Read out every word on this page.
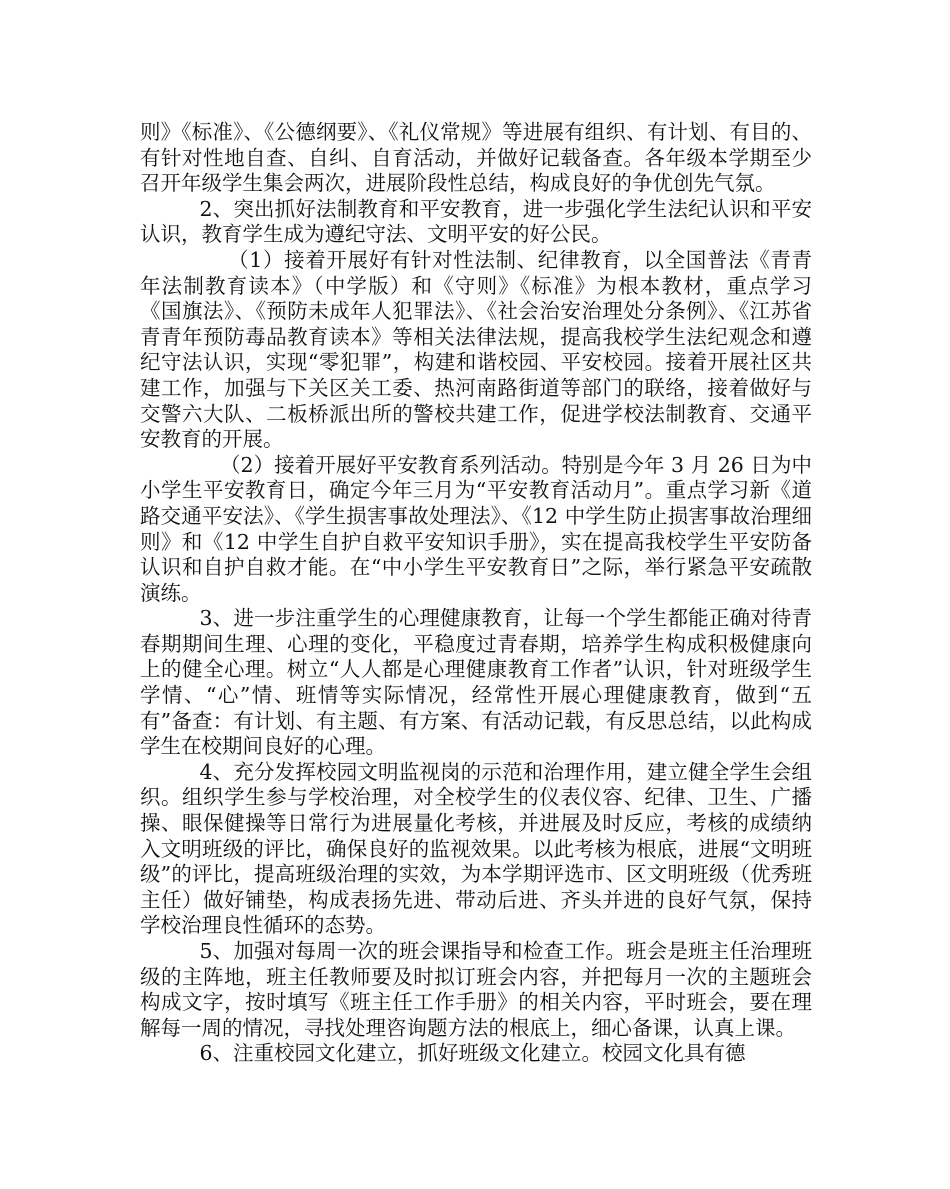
则》《标准》、《公德纲要》、《礼仪常规》等进展有组织、有计划、有目的、有针对性地自查、自纠、自育活动，并做好记载备查。各年级本学期至少召开年级学生集会两次，进展阶段性总结，构成良好的争优创先气氛。

2、突出抓好法制教育和平安教育，进一步强化学生法纪认识和平安认识，教育学生成为遵纪守法、文明平安的好公民。

（1）接着开展好有针对性法制、纪律教育，以全国普法《青青年法制教育读本》（中学版）和《守则》《标准》为根本教材，重点学习《国旗法》、《预防未成年人犯罪法》、《社会治安治理处分条例》、《江苏省青青年预防毒品教育读本》等相关法律法规，提高我校学生法纪观念和遵纪守法认识，实现“零犯罪”，构建和谐校园、平安校园。接着开展社区共建工作，加强与下关区关工委、热河南路街道等部门的联络，接着做好与交警六大队、二板桥派出所的警校共建工作，促进学校法制教育、交通平安教育的开展。

（2）接着开展好平安教育系列活动。特别是今年 3 月 26 日为中小学生平安教育日，确定今年三月为“平安教育活动月”。重点学习新《道路交通平安法》、《学生损害事故处理法》、《12 中学生防止损害事故治理细则》和《12 中学生自护自救平安知识手册》，实在提高我校学生平安防备认识和自护自救才能。在“中小学生平安教育日”之际，举行紧急平安疏散演练。

3、进一步注重学生的心理健康教育，让每一个学生都能正确对待青春期期间生理、心理的变化，平稳度过青春期，培养学生构成积极健康向上的健全心理。树立“人人都是心理健康教育工作者”认识，针对班级学生学情、“心”情、班情等实际情况，经常性开展心理健康教育，做到“五有”备查：有计划、有主题、有方案、有活动记载，有反思总结，以此构成学生在校期间良好的心理。

4、充分发挥校园文明监视岗的示范和治理作用，建立健全学生会组织。组织学生参与学校治理，对全校学生的仪表仪容、纪律、卫生、广播操、眼保健操等日常行为进展量化考核，并进展及时反应，考核的成绩纳入文明班级的评比，确保良好的监视效果。以此考核为根底，进展“文明班级”的评比，提高班级治理的实效，为本学期评选市、区文明班级（优秀班主任）做好铺垫，构成表扬先进、带动后进、齐头并进的良好气氛，保持学校治理良性循环的态势。

5、加强对每周一次的班会课指导和检查工作。班会是班主任治理班级的主阵地，班主任教师要及时拟订班会内容，并把每月一次的主题班会构成文字，按时填写《班主任工作手册》的相关内容，平时班会，要在理解每一周的情况，寻找处理咨询题方法的根底上，细心备课，认真上课。

6、注重校园文化建立，抓好班级文化建立。校园文化具有德
